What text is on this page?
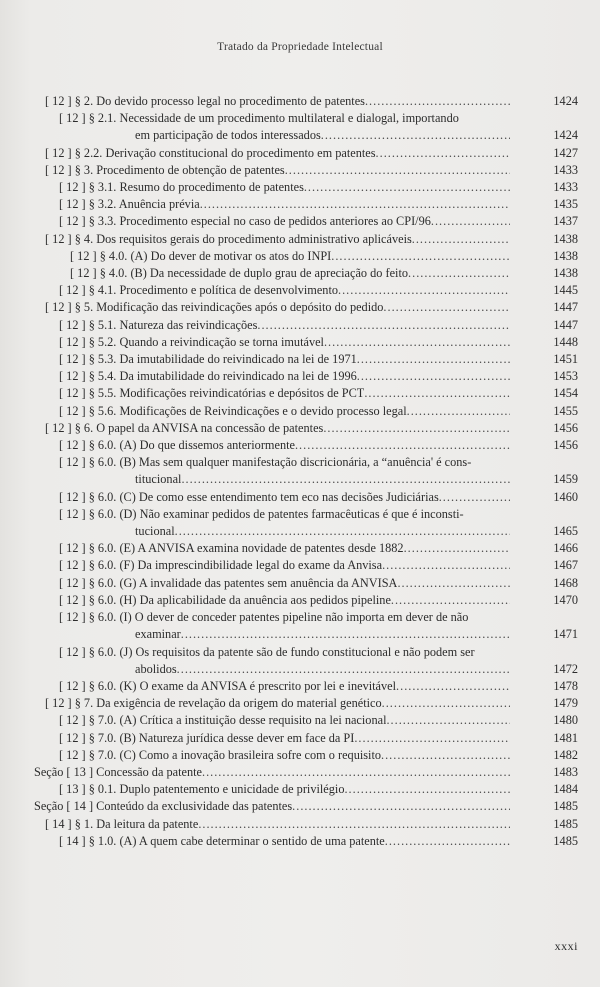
Tratado da Propriedade Intelectual
[ 12 ] § 2. Do devido processo legal no procedimento de patentes .....	1424
[ 12 ] § 2.1. Necessidade de um procedimento multilateral e dialogal, importando
em participação de todos interessados .....	1424
[ 12 ] § 2.2. Derivação constitucional do procedimento em patentes .....	1427
[ 12 ] § 3. Procedimento de obtenção de patentes .....	1433
[ 12 ] § 3.1. Resumo do procedimento de patentes .....	1433
[ 12 ] § 3.2. Anuência prévia .....	1435
[ 12 ] § 3.3. Procedimento especial no caso de pedidos anteriores ao CPI/96 .....	1437
[ 12 ] § 4. Dos requisitos gerais do procedimento administrativo aplicáveis .....	1438
[ 12 ] § 4.0. (A) Do dever de motivar os atos do INPI .....	1438
[ 12 ] § 4.0. (B) Da necessidade de duplo grau de apreciação do feito .....	1438
[ 12 ] § 4.1. Procedimento e política de desenvolvimento .....	1445
[ 12 ] § 5. Modificação das reivindicações após o depósito do pedido .....	1447
[ 12 ] § 5.1. Natureza das reivindicações .....	1447
[ 12 ] § 5.2. Quando a reivindicação se torna imutável .....	1448
[ 12 ] § 5.3. Da imutabilidade do reivindicado na lei de 1971 .....	1451
[ 12 ] § 5.4. Da imutabilidade do reivindicado na lei de 1996 .....	1453
[ 12 ] § 5.5. Modificações reivindicatórias e depósitos de PCT .....	1454
[ 12 ] § 5.6. Modificações de Reivindicações e o devido processo legal .....	1455
[ 12 ] § 6. O papel da ANVISA na concessão de patentes .....	1456
[ 12 ] § 6.0. (A) Do que dissemos anteriormente .....	1456
[ 12 ] § 6.0. (B) Mas sem qualquer manifestação discricionária, a “anuência' é cons-
titucional .....	1459
[ 12 ] § 6.0. (C) De como esse entendimento tem eco nas decisões Judiciárias .....	1460
[ 12 ] § 6.0. (D) Não examinar pedidos de patentes farmacêuticas é que é inconsti-
tucional .....	1465
[ 12 ] § 6.0. (E) A ANVISA examina novidade de patentes desde 1882 .....	1466
[ 12 ] § 6.0. (F) Da imprescindibilidade legal do exame da Anvisa .....	1467
[ 12 ] § 6.0. (G) A invalidade das patentes sem anuência da ANVISA .....	1468
[ 12 ] § 6.0. (H) Da aplicabilidade da anuência aos pedidos pipeline .....	1470
[ 12 ] § 6.0. (I) O dever de conceder patentes pipeline não importa em dever de não
examinar .....	1471
[ 12 ] § 6.0. (J) Os requisitos da patente são de fundo constitucional e não podem ser
abolidos .....	1472
[ 12 ] § 6.0. (K) O exame da ANVISA é prescrito por lei e inevitável .....	1478
[ 12 ] § 7. Da exigência de revelação da origem do material genético .....	1479
[ 12 ] § 7.0. (A) Crítica a instituição desse requisito na lei nacional .....	1480
[ 12 ] § 7.0. (B) Natureza jurídica desse dever em face da PI .....	1481
[ 12 ] § 7.0. (C) Como a inovação brasileira sofre com o requisito .....	1482
Seção [ 13 ] Concessão da patente .....	1483
[ 13 ] § 0.1. Duplo patentemento e unicidade de privilégio .....	1484
Seção [ 14 ] Conteúdo da exclusividade das patentes .....	1485
[ 14 ] § 1. Da leitura da patente .....	1485
[ 14 ] § 1.0. (A) A quem cabe determinar o sentido de uma patente .....	1485
xxxi
